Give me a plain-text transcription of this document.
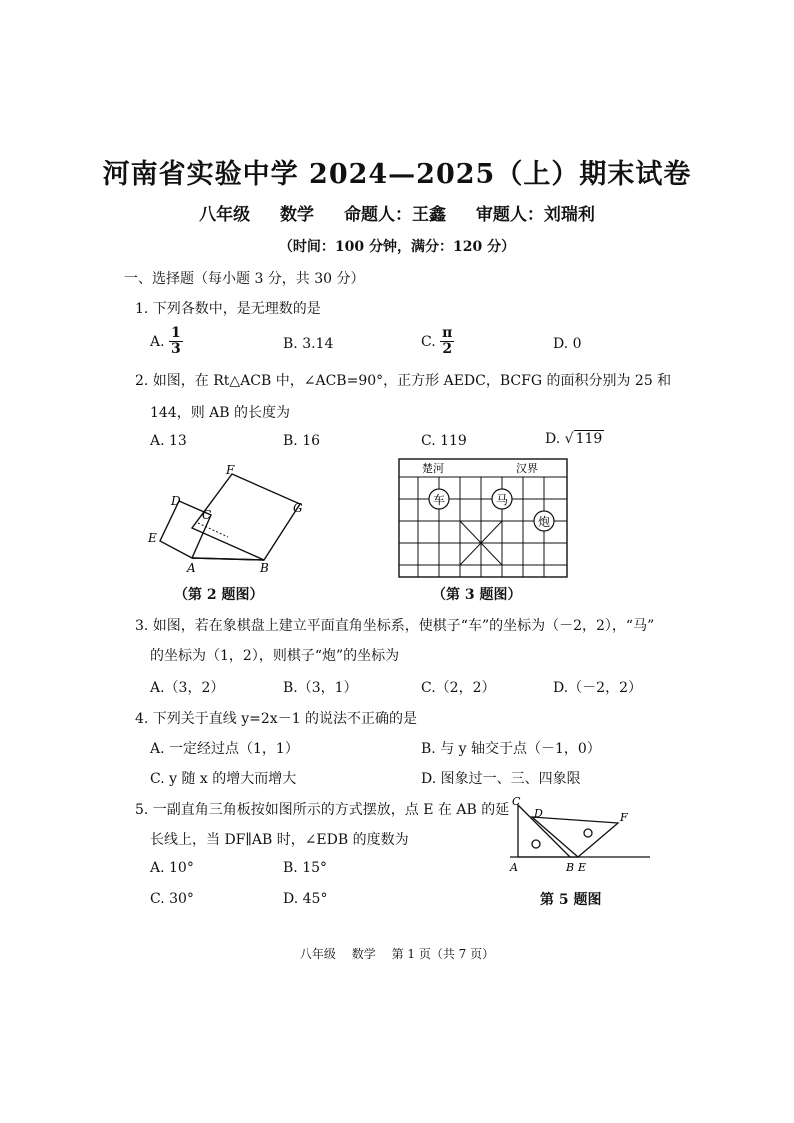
河南省实验中学 2024—2025（上）期末试卷
八年级 数学 命题人：王鑫 审题人：刘瑞利
（时间：100 分钟，满分：120 分）
一、选择题（每小题 3 分，共 30 分）
1. 下列各数中，是无理数的是
A. $\frac{1}{3}$	B. 3.14	C. $\frac{\pi}{2}$	D. 0
2. 如图，在 Rt△ACB 中，∠ACB=90°，正方形 AEDC，BCFG 的面积分别为 25 和
144，则 AB 的长度为
A. 13	B. 16	C. 119	D. √ 119
F
D
C	G
E
A	B
（第 2 题图）
楚河	汉界
车	马
炮
（第 3 题图）
3. 如图，若在象棋盘上建立平面直角坐标系，使棋子“车”的坐标为（－2，2），“马”
的坐标为（1，2），则棋子“炮”的坐标为
A.（3，2）	B.（3，1）	C.（2，2）	D.（－2，2）
4. 下列关于直线 y=2x－1 的说法不正确的是
A. 一定经过点（1，1）	B. 与 y 轴交于点（－1，0）
C. y 随 x 的增大而增大	D. 图象过一、三、四象限
5. 一副直角三角板按如图所示的方式摆放，点 E 在 AB 的延
长线上，当 DF∥AB 时，∠EDB 的度数为
A. 10°	B. 15°
C. 30°	D. 45°
C
D	F
A	B E
第 5 题图
八年级 数学 第 1 页（共 7 页）
